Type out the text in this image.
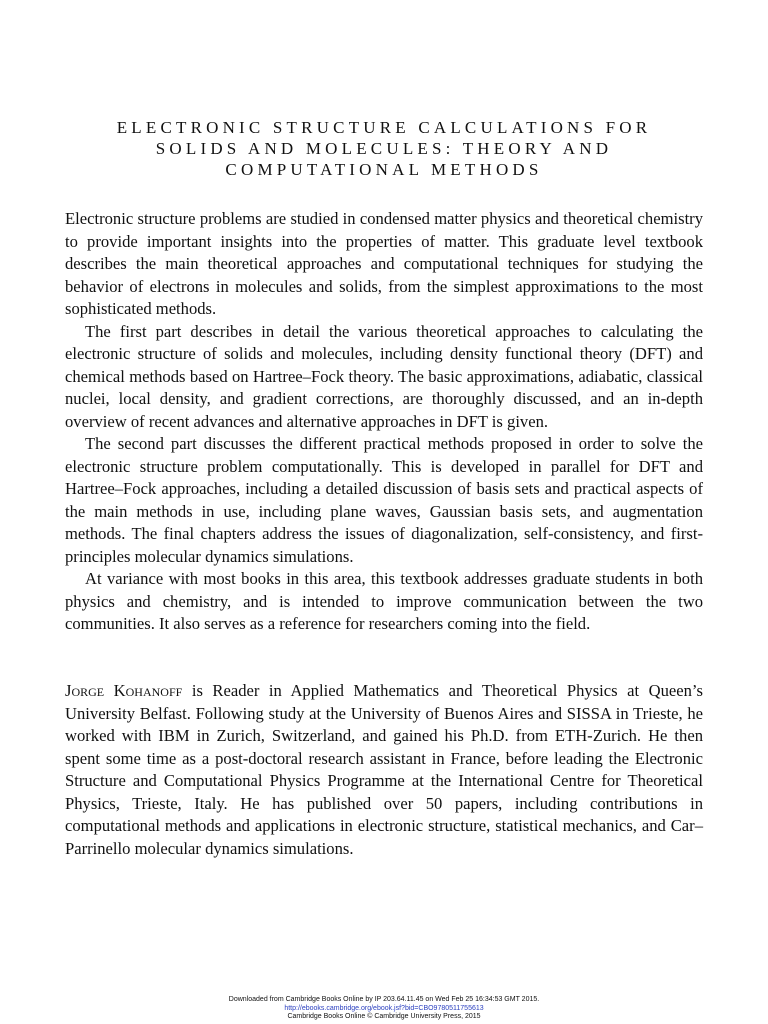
ELECTRONIC STRUCTURE CALCULATIONS FOR
SOLIDS AND MOLECULES: THEORY AND
COMPUTATIONAL METHODS

Electronic structure problems are studied in condensed matter physics and theoretical chemistry to provide important insights into the properties of matter. This graduate level textbook describes the main theoretical approaches and computational techniques for studying the behavior of electrons in molecules and solids, from the simplest approximations to the most sophisticated methods.

The first part describes in detail the various theoretical approaches to calculating the electronic structure of solids and molecules, including density functional theory (DFT) and chemical methods based on Hartree–Fock theory. The basic approximations, adiabatic, classical nuclei, local density, and gradient corrections, are thoroughly discussed, and an in-depth overview of recent advances and alternative approaches in DFT is given.

The second part discusses the different practical methods proposed in order to solve the electronic structure problem computationally. This is developed in parallel for DFT and Hartree–Fock approaches, including a detailed discussion of basis sets and practical aspects of the main methods in use, including plane waves, Gaussian basis sets, and augmentation methods. The final chapters address the issues of diagonalization, self-consistency, and first-principles molecular dynamics simulations.

At variance with most books in this area, this textbook addresses graduate students in both physics and chemistry, and is intended to improve communication between the two communities. It also serves as a reference for researchers coming into the field.

Jorge Kohanoff is Reader in Applied Mathematics and Theoretical Physics at Queen’s University Belfast. Following study at the University of Buenos Aires and SISSA in Trieste, he worked with IBM in Zurich, Switzerland, and gained his Ph.D. from ETH-Zurich. He then spent some time as a post-doctoral research assistant in France, before leading the Electronic Structure and Computational Physics Programme at the International Centre for Theoretical Physics, Trieste, Italy. He has published over 50 papers, including contributions in computational methods and applications in electronic structure, statistical mechanics, and Car–Parrinello molecular dynamics simulations.

Downloaded from Cambridge Books Online by IP 203.64.11.45 on Wed Feb 25 16:34:53 GMT 2015.
http://ebooks.cambridge.org/ebook.jsf?bid=CBO9780511755613
Cambridge Books Online © Cambridge University Press, 2015
